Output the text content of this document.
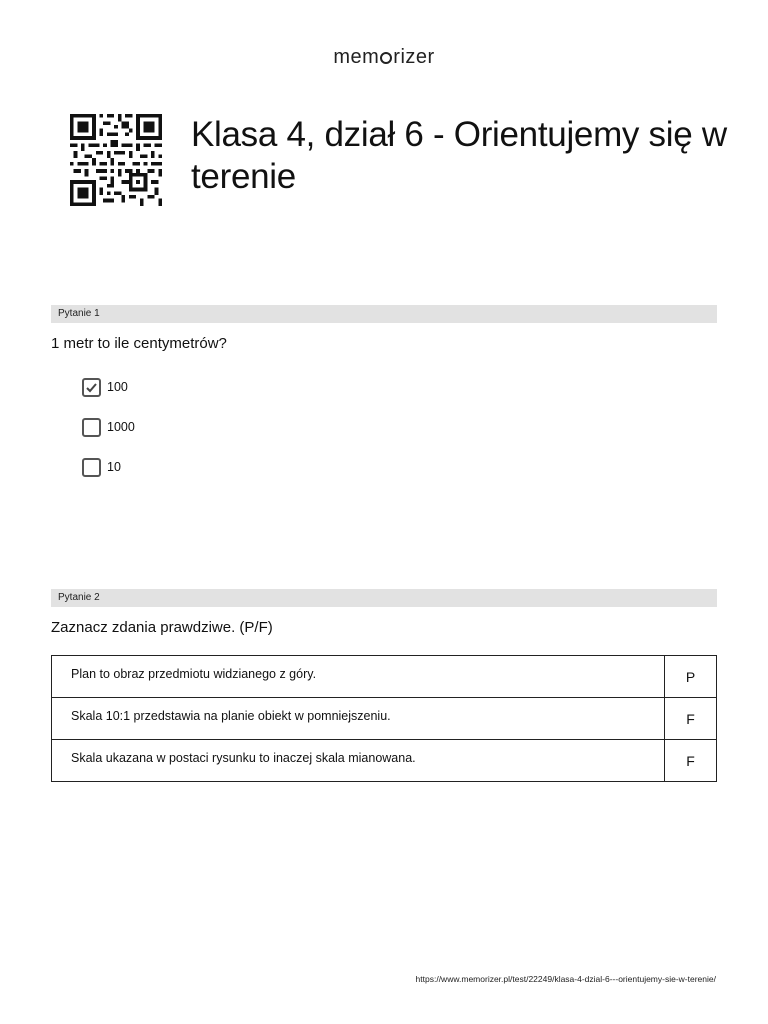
mem rizer
Klasa 4, dział 6 - Orientujemy się w terenie
Pytanie 1
1 metr to ile centymetrów?
100
1000
10
Pytanie 2
Zaznacz zdania prawdziwe. (P/F)
Plan to obraz przedmiotu widzianego z góry.	P
Skala 10:1 przedstawia na planie obiekt w pomniejszeniu.	F
Skala ukazana w postaci rysunku to inaczej skala mianowana.	F
https://www.memorizer.pl/test/22249/klasa-4-dzial-6---orientujemy-sie-w-terenie/
